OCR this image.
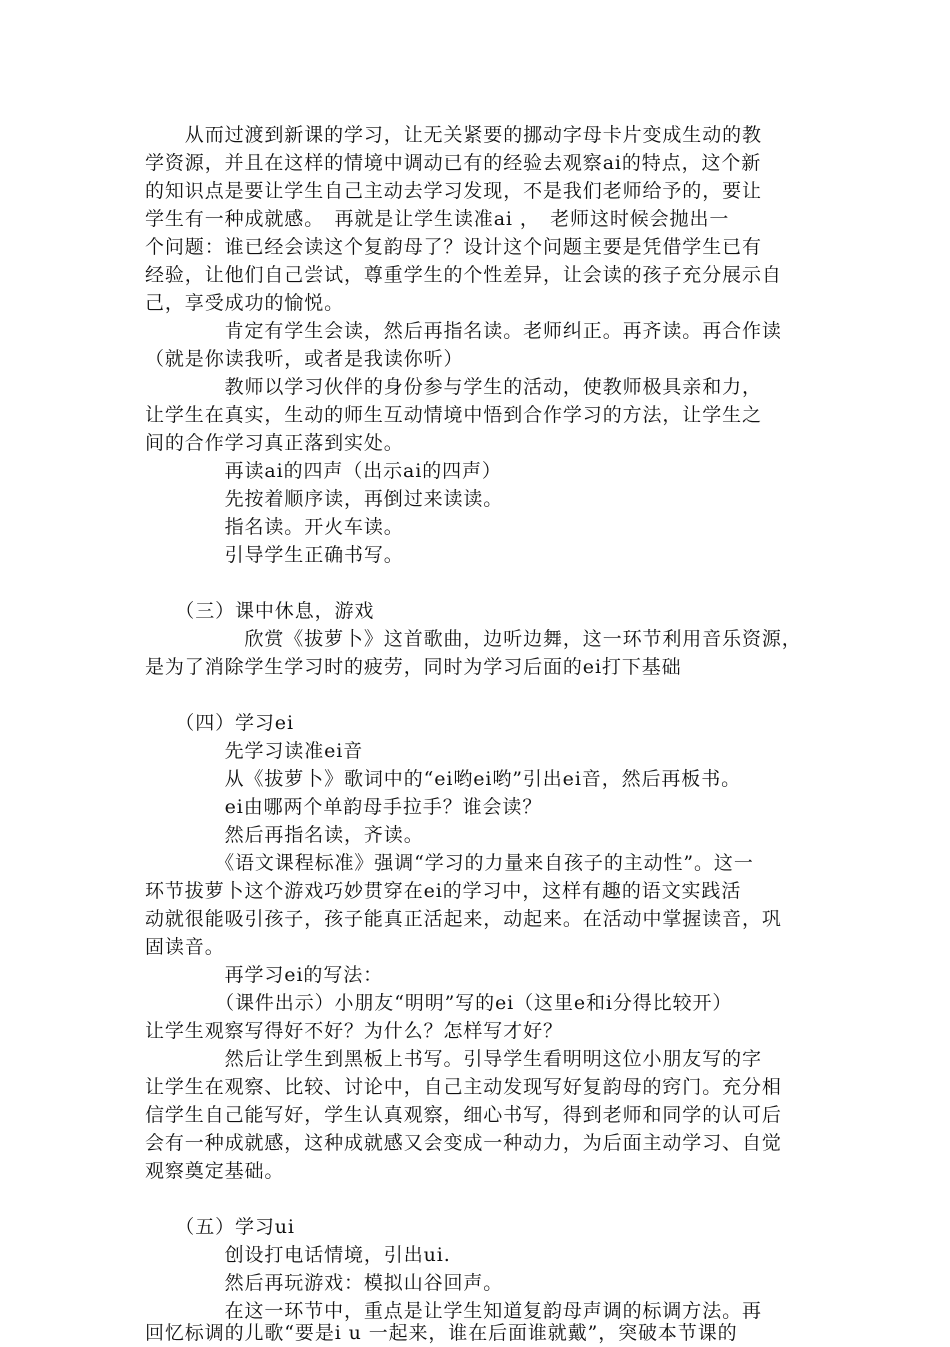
　　从而过渡到新课的学习，让无关紧要的挪动字母卡片变成生动的教

学资源，并且在这样的情境中调动已有的经验去观察ai的特点，这个新

的知识点是要让学生自己主动去学习发现，不是我们老师给予的，要让

学生有一种成就感。　再就是让学生读准ai ，　老师这时候会抛出一

个问题：谁已经会读这个复韵母了？设计这个问题主要是凭借学生已有

经验，让他们自己尝试，尊重学生的个性差异，让会读的孩子充分展示自

己，享受成功的愉悦。

　　　　肯定有学生会读，然后再指名读。老师纠正。再齐读。再合作读

（就是你读我听，或者是我读你听）

　　　　教师以学习伙伴的身份参与学生的活动，使教师极具亲和力，

让学生在真实，生动的师生互动情境中悟到合作学习的方法，让学生之

间的合作学习真正落到实处。

　　　　再读ai的四声（出示ai的四声）

　　　　先按着顺序读，再倒过来读读。

　　　　指名读。开火车读。

　　　　引导学生正确书写。

　　（三）课中休息，游戏

　　　　　欣赏《拔萝卜》这首歌曲，边听边舞，这一环节利用音乐资源，

是为了消除学生学习时的疲劳，同时为学习后面的ei打下基础

　　（四）学习ei

　　　　先学习读准ei音

　　　　从《拔萝卜》歌词中的“ei哟ei哟”引出ei音，然后再板书。

　　　　ei由哪两个单韵母手拉手？谁会读？

　　　　然后再指名读，齐读。

　　　　《语文课程标准》强调“学习的力量来自孩子的主动性”。这一

环节拔萝卜这个游戏巧妙贯穿在ei的学习中，这样有趣的语文实践活

动就很能吸引孩子，孩子能真正活起来，动起来。在活动中掌握读音，巩

固读音。

　　　　再学习ei的写法：

　　　　（课件出示）小朋友“明明”写的ei（这里e和i分得比较开）

让学生观察写得好不好？为什么？怎样写才好？

　　　　然后让学生到黑板上书写。引导学生看明明这位小朋友写的字

让学生在观察、比较、讨论中，自己主动发现写好复韵母的窍门。充分相

信学生自己能写好，学生认真观察，细心书写，得到老师和同学的认可后

会有一种成就感，这种成就感又会变成一种动力，为后面主动学习、自觉

观察奠定基础。

　　（五）学习ui

　　　　创设打电话情境，引出ui.

　　　　然后再玩游戏：模拟山谷回声。

　　　　在这一环节中，重点是让学生知道复韵母声调的标调方法。再

回忆标调的儿歌“要是i u 一起来，谁在后面谁就戴”，突破本节课的
